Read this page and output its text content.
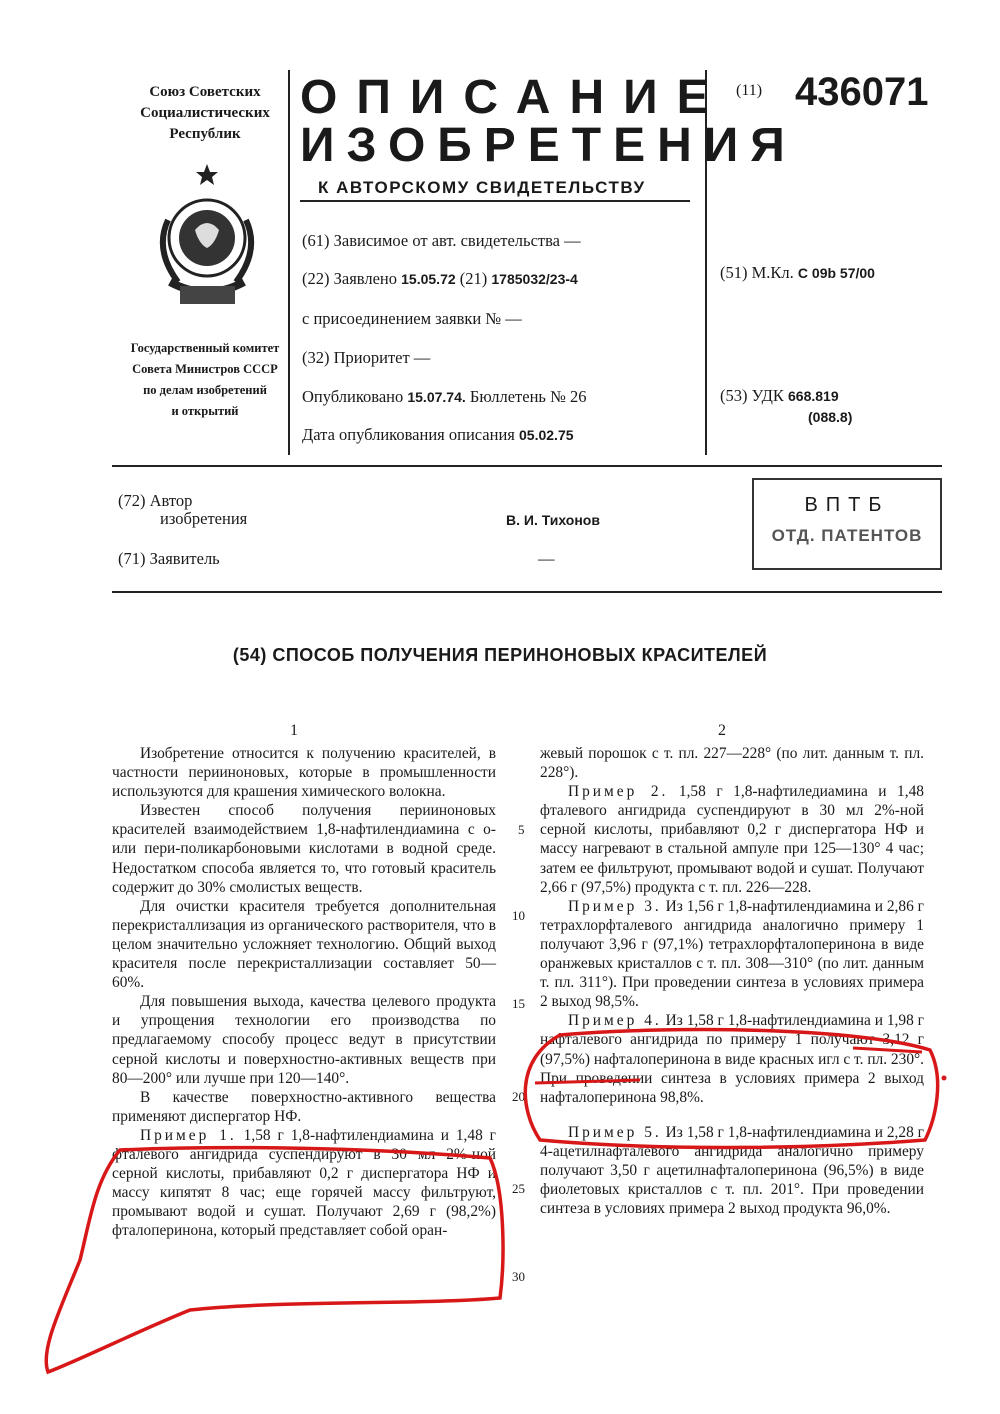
Союз Советских
Социалистических
Республик
Государственный комитет
Совета Министров СССР
по делам изобретений
и открытий
ОПИСАНИЕ
ИЗОБРЕТЕНИЯ
К АВТОРСКОМУ СВИДЕТЕЛЬСТВУ
(11) 436071
(61) Зависимое от авт. свидетельства —
(22) Заявлено 15.05.72 (21) 1785032/23-4
с присоединением заявки № —
(32) Приоритет —
Опубликовано 15.07.74. Бюллетень № 26
Дата опубликования описания 05.02.75
(51) М.Кл. С 09b 57/00
(53) УДК 668.819
(088.8)
(72) Автор
изобретения	В. И. Тихонов
(71) Заявитель	—
ВПТБ
ОТД. ПАТЕНТОВ
(54) СПОСОБ ПОЛУЧЕНИЯ ПЕРИНОНОВЫХ КРАСИТЕЛЕЙ
1	2
5
10
15
20
25
30

Изобретение относится к получению красителей, в частности перииноновых, которые в промышленности используются для крашения химического волокна.

Известен способ получения перииноновых красителей взаимодействием 1,8-нафтилендиамина с о- или пери-поликарбоновыми кислотами в водной среде. Недостатком способа является то, что готовый краситель содержит до 30% смолистых веществ.

Для очистки красителя требуется дополнительная перекристаллизация из органического растворителя, что в целом значительно усложняет технологию. Общий выход красителя после перекристаллизации составляет 50—60%.

Для повышения выхода, качества целевого продукта и упрощения технологии его производства по предлагаемому способу процесс ведут в присутствии серной кислоты и поверхностно-активных веществ при 80—200° или лучше при 120—140°.

В качестве поверхностно-активного вещества применяют диспергатор НФ.

Пример 1. 1,58 г 1,8-нафтилендиамина и 1,48 г фталевого ангидрида суспендируют в 30 мл 2%-ной серной кислоты, прибавляют 0,2 г диспергатора НФ и массу кипятят 8 час; еще горячей массу фильтруют, промывают водой и сушат. Получают 2,69 г (98,2%) фталоперинона, который представляет собой оран-

жевый порошок с т. пл. 227—228° (по лит. данным т. пл. 228°).

Пример 2. 1,58 г 1,8-нафтиледиамина и 1,48 фталевого ангидрида суспендируют в 30 мл 2%-ной серной кислоты, прибавляют 0,2 г диспергатора НФ и массу нагревают в стальной ампуле при 125—130° 4 час; затем ее фильтруют, промывают водой и сушат. Получают 2,66 г (97,5%) продукта с т. пл. 226—228.

Пример 3. Из 1,56 г 1,8-нафтилендиамина и 2,86 г тетрахлорфталевого ангидрида аналогично примеру 1 получают 3,96 г (97,1%) тетрахлорфталоперинона в виде оранжевых кристаллов с т. пл. 308—310° (по лит. данным т. пл. 311°). При проведении синтеза в условиях примера 2 выход 98,5%.

Пример 4. Из 1,58 г 1,8-нафтилендиамина и 1,98 г нафталевого ангидрида по примеру 1 получают 3,12 г (97,5%) нафталоперинона в виде красных игл с т. пл. 230°. При проведении синтеза в условиях примера 2 выход нафталоперинона 98,8%.

Пример 5. Из 1,58 г 1,8-нафтилендиамина и 2,28 г 4-ацетилнафталевого ангидрида аналогично примеру получают 3,50 г ацетилнафталоперинона (96,5%) в виде фиолетовых кристаллов с т. пл. 201°. При проведении синтеза в условиях примера 2 выход продукта 96,0%.
